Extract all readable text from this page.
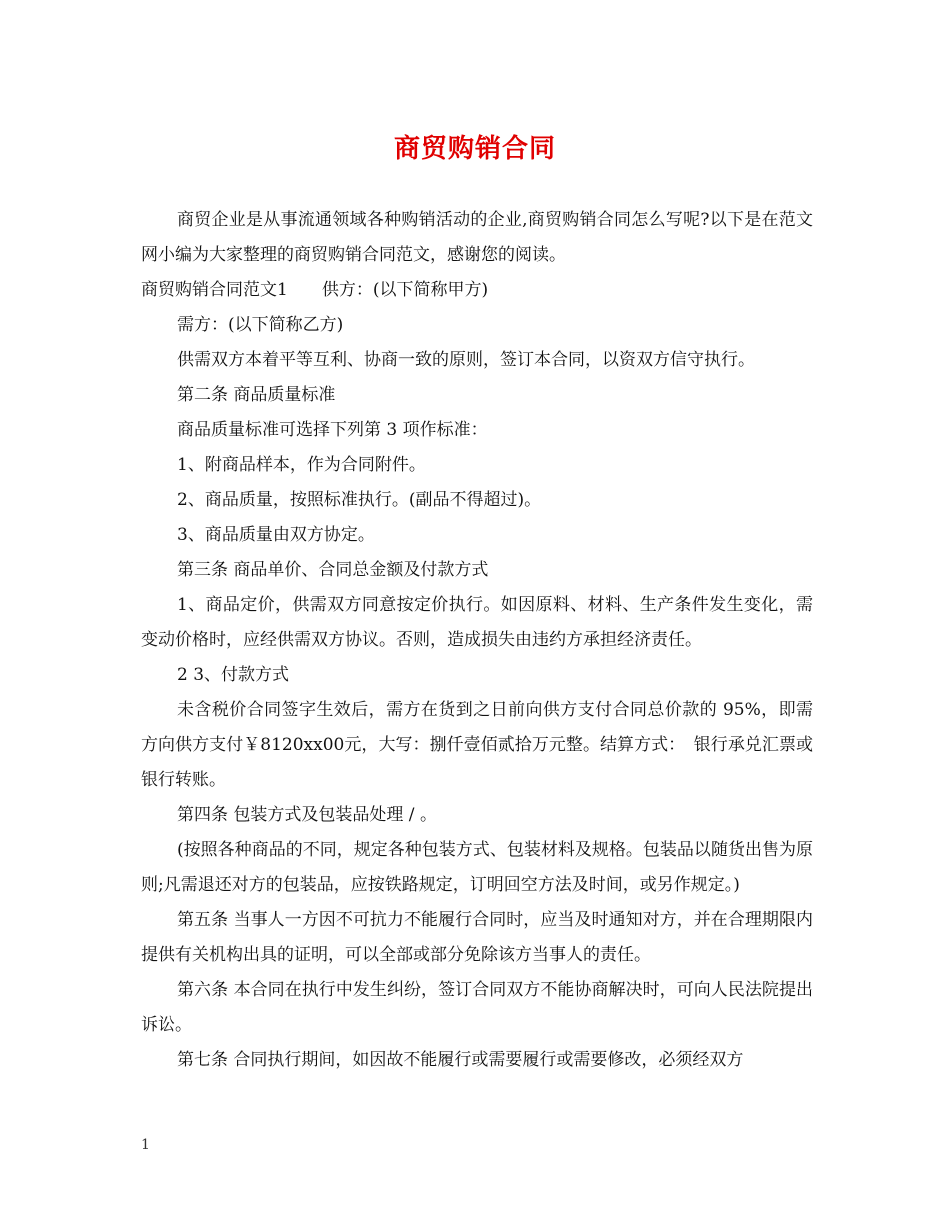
商贸购销合同

商贸企业是从事流通领域各种购销活动的企业,商贸购销合同怎么写呢?以下是在范文网小编为大家整理的商贸购销合同范文，感谢您的阅读。

商贸购销合同范文1　　供方：(以下简称甲方)

需方：(以下简称乙方)

供需双方本着平等互利、协商一致的原则，签订本合同，以资双方信守执行。

第二条 商品质量标准

商品质量标准可选择下列第 3 项作标准：

1、附商品样本，作为合同附件。

2、商品质量，按照标准执行。(副品不得超过)。

3、商品质量由双方协定。

第三条 商品单价、合同总金额及付款方式

1、商品定价，供需双方同意按定价执行。如因原料、材料、生产条件发生变化，需变动价格时，应经供需双方协议。否则，造成损失由违约方承担经济责任。

2 3、付款方式

未含税价合同签字生效后，需方在货到之日前向供方支付合同总价款的 95%，即需方向供方支付￥8120xx00元，大写：捌仟壹佰贰拾万元整。结算方式：　银行承兑汇票或银行转账。

第四条 包装方式及包装品处理 / 。

(按照各种商品的不同，规定各种包装方式、包装材料及规格。包装品以随货出售为原则;凡需退还对方的包装品，应按铁路规定，订明回空方法及时间，或另作规定。)

第五条 当事人一方因不可抗力不能履行合同时，应当及时通知对方，并在合理期限内提供有关机构出具的证明，可以全部或部分免除该方当事人的责任。

第六条 本合同在执行中发生纠纷，签订合同双方不能协商解决时，可向人民法院提出诉讼。

第七条 合同执行期间，如因故不能履行或需要履行或需要修改，必须经双方

1
